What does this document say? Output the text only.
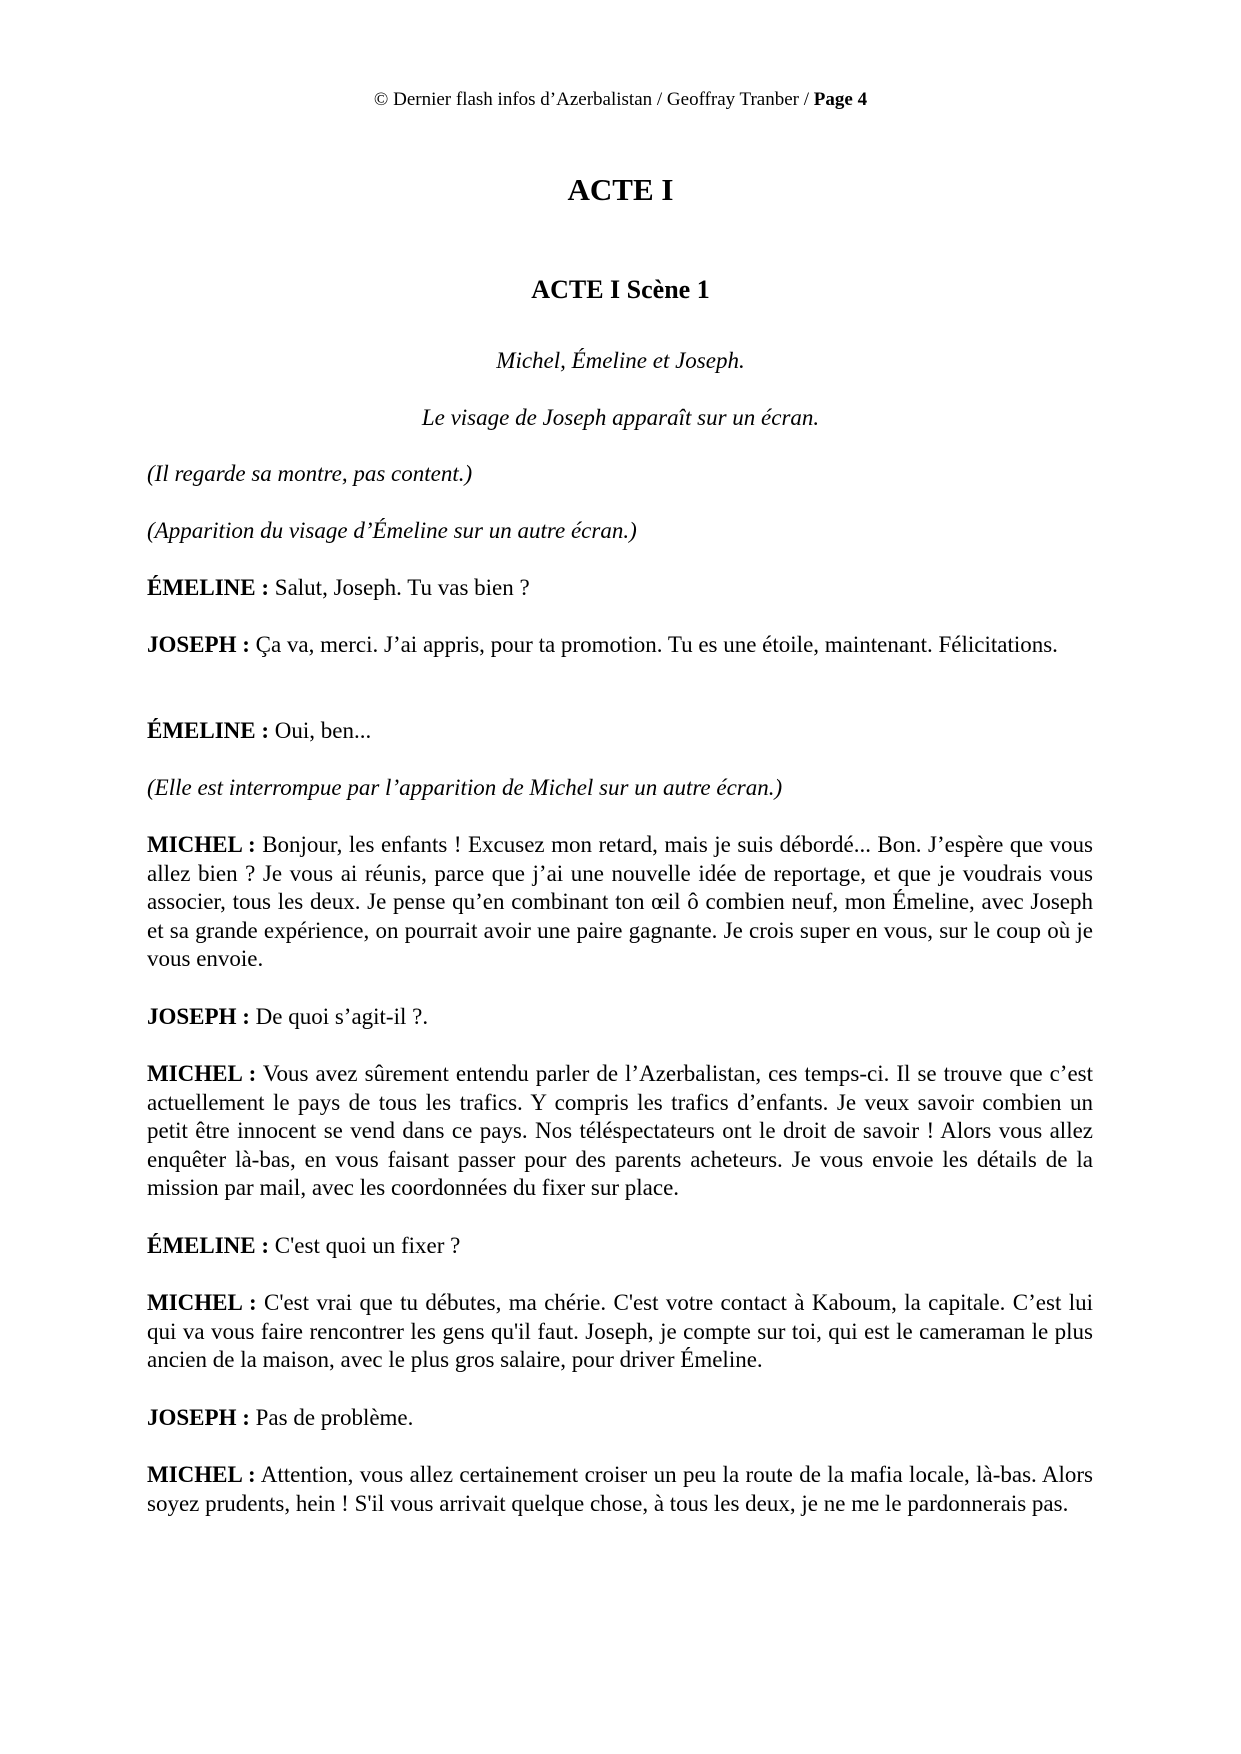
© Dernier flash infos d’Azerbalistan / Geoffray Tranber / Page 4
ACTE I
ACTE I Scène 1

Michel, Émeline et Joseph.

Le visage de Joseph apparaît sur un écran.

(Il regarde sa montre, pas content.)

(Apparition du visage d’Émeline sur un autre écran.)

ÉMELINE : Salut, Joseph. Tu vas bien ?

JOSEPH : Ça va, merci. J’ai appris, pour ta promotion. Tu es une étoile, maintenant. Félicitations.

ÉMELINE : Oui, ben...

(Elle est interrompue par l’apparition de Michel sur un autre écran.)

MICHEL : Bonjour, les enfants ! Excusez mon retard, mais je suis débordé... Bon. J’espère que vous allez bien ? Je vous ai réunis, parce que j’ai une nouvelle idée de reportage, et que je voudrais vous associer, tous les deux. Je pense qu’en combinant ton œil ô combien neuf, mon Émeline, avec Joseph et sa grande expérience, on pourrait avoir une paire gagnante. Je crois super en vous, sur le coup où je vous envoie.

JOSEPH : De quoi s’agit-il ?.

MICHEL : Vous avez sûrement entendu parler de l’Azerbalistan, ces temps-ci. Il se trouve que c’est actuellement le pays de tous les trafics. Y compris les trafics d’enfants. Je veux savoir combien un petit être innocent se vend dans ce pays. Nos téléspectateurs ont le droit de savoir ! Alors vous allez enquêter là-bas, en vous faisant passer pour des parents acheteurs. Je vous envoie les détails de la mission par mail, avec les coordonnées du fixer sur place.

ÉMELINE : C'est quoi un fixer ?

MICHEL : C'est vrai que tu débutes, ma chérie. C'est votre contact à Kaboum, la capitale. C’est lui qui va vous faire rencontrer les gens qu'il faut. Joseph, je compte sur toi, qui est le cameraman le plus ancien de la maison, avec le plus gros salaire, pour driver Émeline.

JOSEPH : Pas de problème.

MICHEL : Attention, vous allez certainement croiser un peu la route de la mafia locale, là-bas. Alors soyez prudents, hein ! S'il vous arrivait quelque chose, à tous les deux, je ne me le pardonnerais pas.
